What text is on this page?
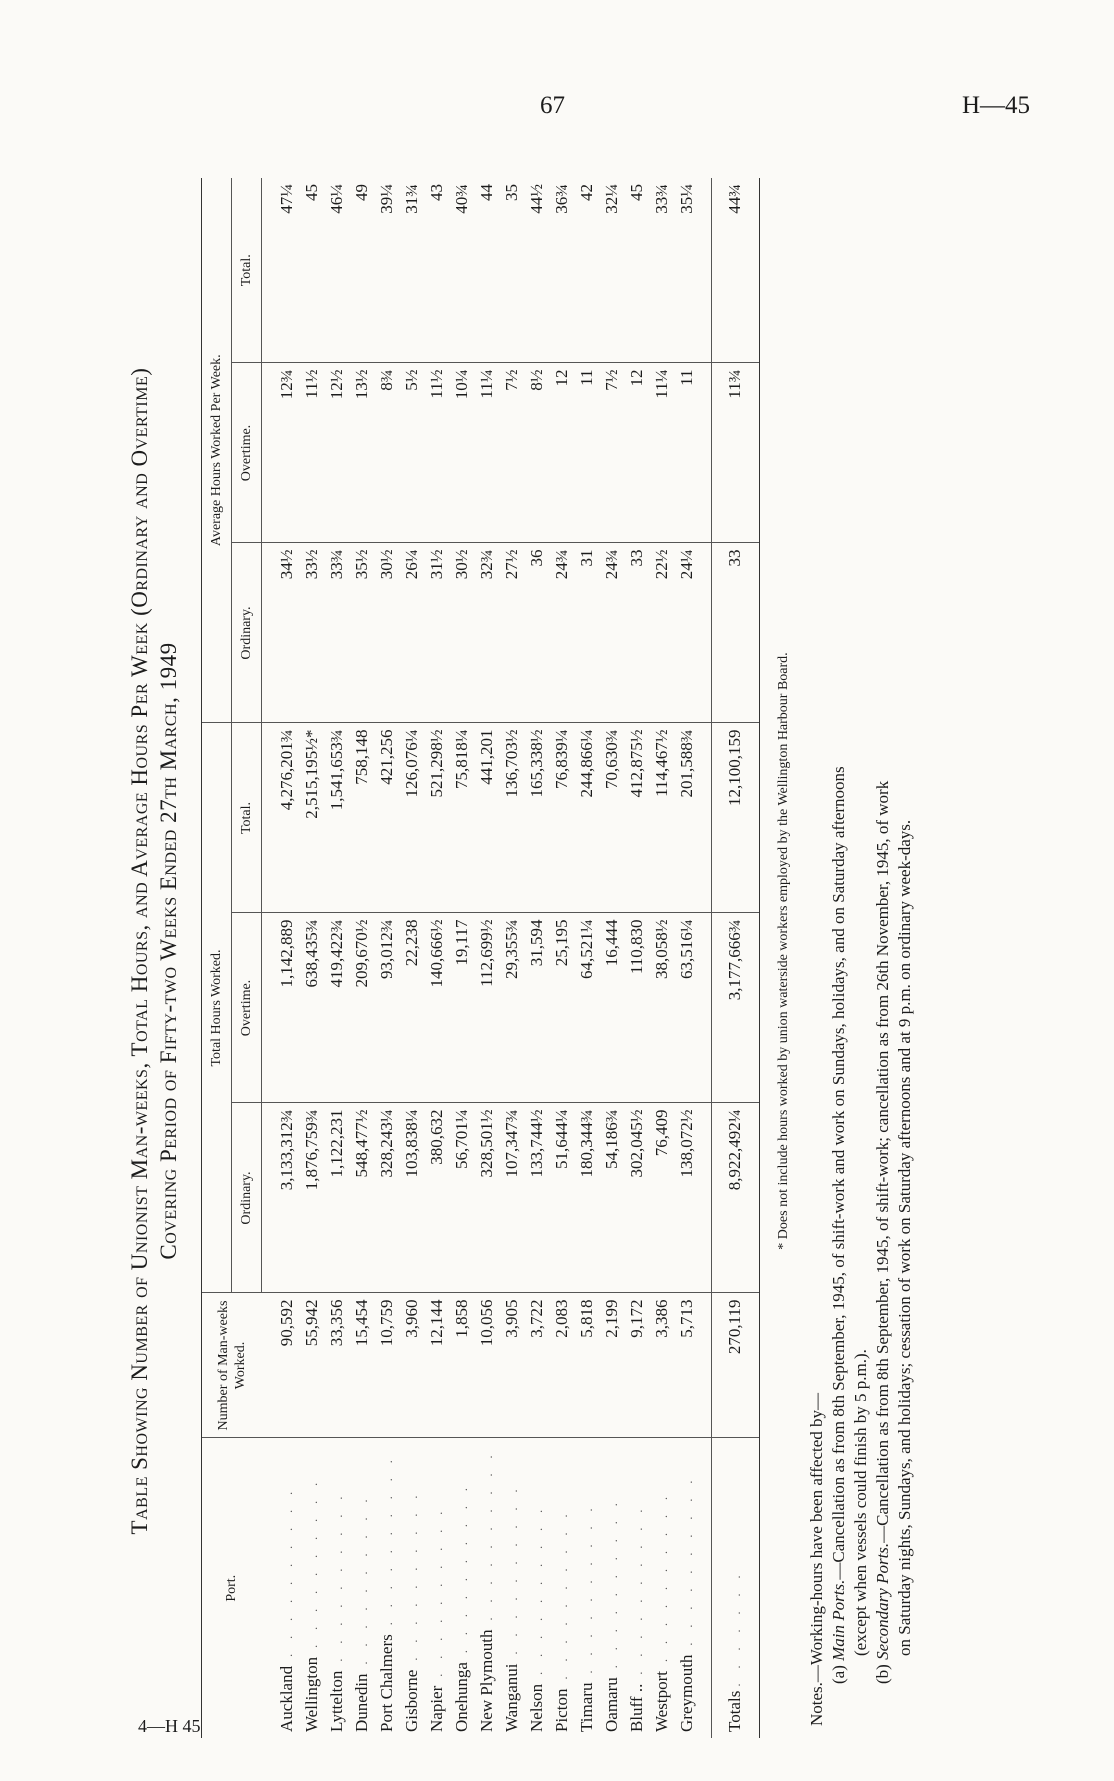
67	H—45
4—H 45
Table Showing Number of Unionist Man-weeks, Total Hours, and Average Hours Per Week (Ordinary and Overtime) Covering Period of Fifty-two Weeks Ended 27th March, 1949
Port.	Number of Man-weeks Worked.	Total Hours Worked.			Average Hours Worked Per Week.		
		Ordinary.	Overtime.	Total.	Ordinary.	Overtime.	Total.
Auckland . . . . . . . . . .	90,592	3,133,312¾	1,142,889	4,276,201¾	34½	12¾	47¼
Wellington . . . . . . . . . .	55,942	1,876,759¾	638,435¾	2,515,195½*	33½	11½	45
Lyttelton . . . . . . . . . .	33,356	1,122,231	419,422¾	1,541,653¾	33¾	12½	46¼
Dunedin . . . . . . . . . .	15,454	548,477½	209,670½	758,148	35½	13½	49
Port Chalmers . . . . . . . . . .	10,759	328,243¼	93,012¾	421,256	30½	8¾	39¼
Gisborne . . . . . . . . . .	3,960	103,838¼	22,238	126,076¼	26¼	5½	31¾
Napier . . . . . . . . . .	12,144	380,632	140,666½	521,298½	31½	11½	43
Onehunga . . . . . . . . . .	1,858	56,701¼	19,117	75,818¼	30½	10¼	40¾
New Plymouth . . . . . . . . . .	10,056	328,501½	112,699½	441,201	32¾	11¼	44
Wanganui . . . . . . . . . .	3,905	107,347¾	29,355¾	136,703½	27½	7½	35
Nelson . . . . . . . . . .	3,722	133,744½	31,594	165,338½	36	8½	44½
Picton . . . . . . . . . .	2,083	51,644¼	25,195	76,839¼	24¾	12	36¾
Timaru . . . . . . . . . .	5,818	180,344¾	64,521¼	244,866¼	31	11	42
Oamaru . . . . . . . . . .	2,199	54,186¾	16,444	70,630¾	24¾	7½	32¼
Bluff .. . . . . . . . . . .	9,172	302,045½	110,830	412,875½	33	12	45
Westport . . . . . . . . . .	3,386	76,409	38,058½	114,467½	22½	11¼	33¾
Greymouth . . . . . . . . . .	5,713	138,072½	63,516¼	201,588¾	24¼	11	35¼
Totals . . . . . . .	270,119	8,922,492¼	3,177,666¾	12,100,159	33	11¾	44¾
* Does not include hours worked by union waterside workers employed by the Wellington Harbour Board.
Notes.—Working-hours have been affected by— (a) Main Ports.—Cancellation as from 8th September, 1945, of shift-work and work on Sundays, holidays, and on Saturday afternoons (except when vessels could finish by 5 p.m.).
(b) Secondary Ports.—Cancellation as from 8th September, 1945, of shift-work; cancellation as from 26th November, 1945, of work on Saturday nights, Sundays, and holidays; cessation of work on Saturday afternoons and at 9 p.m. on ordinary week-days.
